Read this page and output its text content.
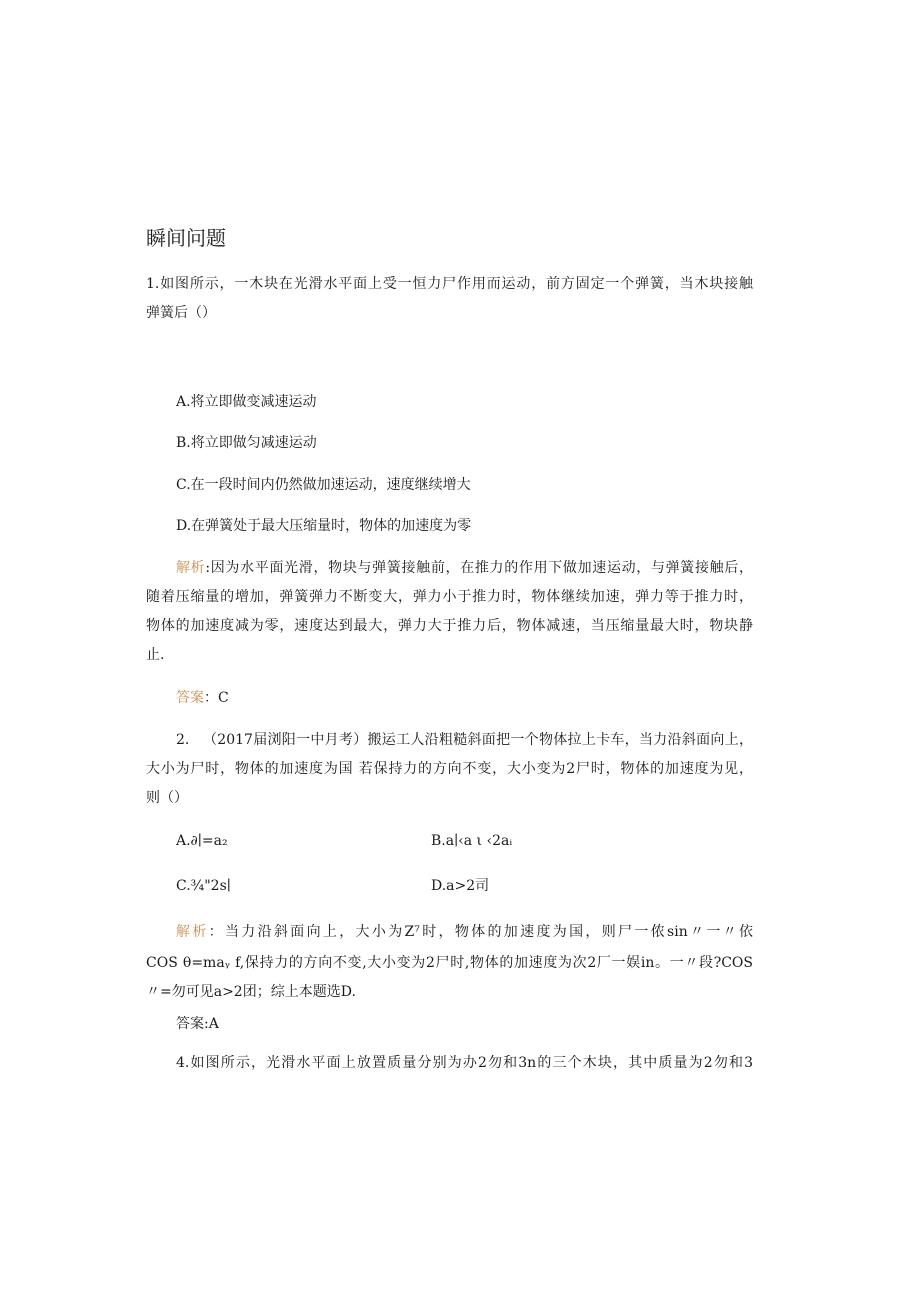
瞬间问题
1.如图所示，一木块在光滑水平面上受一恒力尸作用而运动，前方固定一个弹簧，当木块接触
弹簧后（）
A.将立即做变减速运动
B.将立即做匀减速运动
C.在一段时间内仍然做加速运动，速度继续增大
D.在弹簧处于最大压缩量时，物体的加速度为零
解析:因为水平面光滑，物块与弹簧接触前，在推力的作用下做加速运动，与弹簧接触后，
随着压缩量的增加，弹簧弹力不断变大，弹力小于推力时，物体继续加速，弹力等于推力时，
物体的加速度减为零，速度达到最大，弹力大于推力后，物体减速，当压缩量最大时，物块静
止.
答案：C
2. （2017届浏阳一中月考）搬运工人沿粗糙斜面把一个物体拉上卡车，当力沿斜面向上，
大小为尸时，物体的加速度为国 若保持力的方向不变，大小变为2尸时，物体的加速度为见，
则（）
A.∂∣=a₂	B.a∣‹a ι ‹2aᵢ
C.¾"2s∣	D.a>2司
解析：当力沿斜面向上，大小为Z⁷时，物体的加速度为国，则尸一侬sin〃一〃依
COS θ=maᵧ f,保持力的方向不变,大小变为2尸时,物体的加速度为次2厂一娱in。一〃段?COS
〃=勿可见a>2团；综上本题选D.
答案:A
4.如图所示，光滑水平面上放置质量分别为办2勿和3n的三个木块，其中质量为2勿和3
